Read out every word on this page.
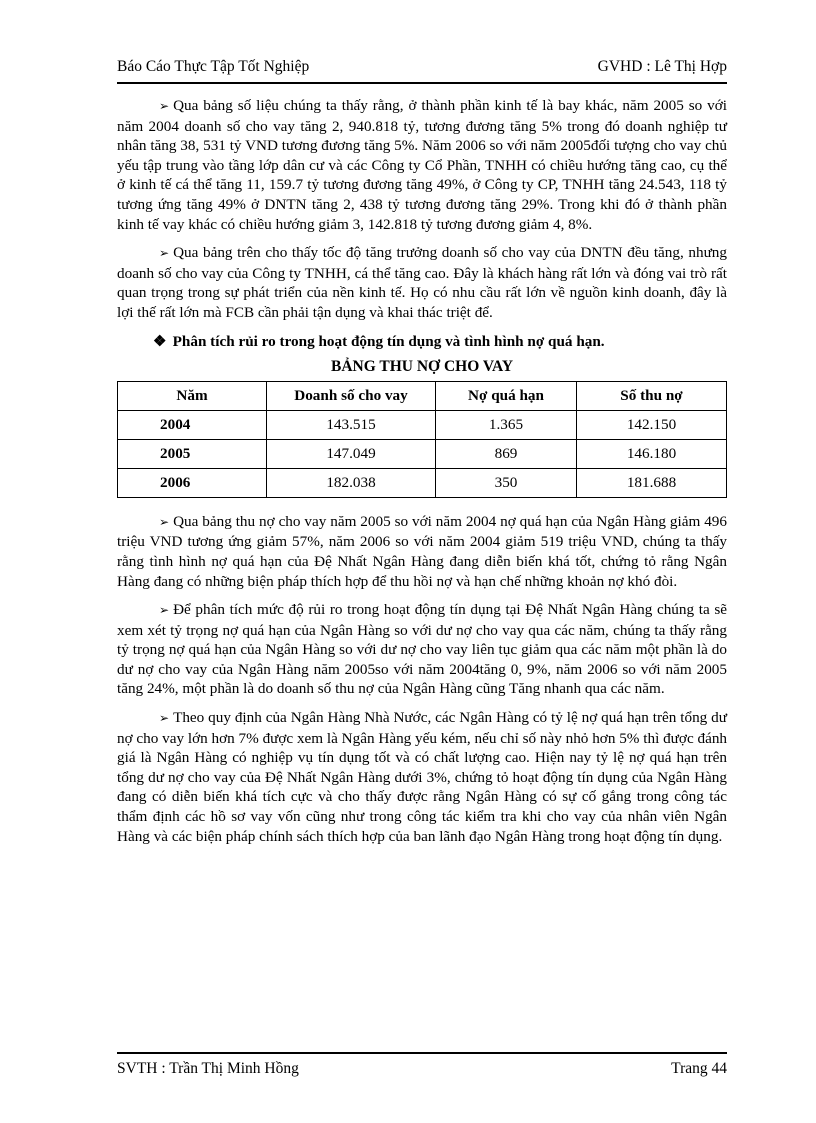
Báo Cáo Thực Tập Tốt Nghiệp	GVHD : Lê Thị Hợp

➢ Qua bảng số liệu chúng ta thấy rằng, ở thành phần kinh tế là bay khác, năm 2005 so với năm 2004 doanh số cho vay tăng 2, 940.818 tỷ, tương đương tăng 5% trong đó doanh nghiệp tư nhân tăng 38, 531 tỷ VND tương đương tăng 5%. Năm 2006 so với năm 2005đối tượng cho vay chủ yếu tập trung vào tầng lớp dân cư và các Công ty Cổ Phần, TNHH có chiều hướng tăng cao, cụ thể ở kinh tế cá thể tăng 11, 159.7 tỷ tương đương tăng 49%, ở Công ty CP, TNHH tăng 24.543, 118 tỷ tương ứng tăng 49% ở DNTN tăng 2, 438 tỷ tương đương tăng 29%. Trong khi đó ở thành phần kinh tế vay khác có chiều hướng giảm 3, 142.818 tỷ tương đương giảm 4, 8%.

➢ Qua bảng trên cho thấy tốc độ tăng trưởng doanh số cho vay của DNTN đều tăng, nhưng doanh số cho vay của Công ty TNHH, cá thể tăng cao. Đây là khách hàng rất lớn và đóng vai trò rất quan trọng trong sự phát triển của nền kinh tế. Họ có nhu cầu rất lớn về nguồn kinh doanh, đây là lợi thế rất lớn mà FCB cần phải tận dụng và khai thác triệt để.

❖ Phân tích rủi ro trong hoạt động tín dụng và tình hình nợ quá hạn.
BẢNG THU NỢ CHO VAY
Năm	Doanh số cho vay	Nợ quá hạn	Số thu nợ
2004	143.515	1.365	142.150
2005	147.049	869	146.180
2006	182.038	350	181.688

➢ Qua bảng thu nợ cho vay năm 2005 so với năm 2004 nợ quá hạn của Ngân Hàng giảm 496 triệu VND tương ứng giảm 57%, năm 2006 so với năm 2004 giảm 519 triệu VND, chúng ta thấy rằng tình hình nợ quá hạn của Đệ Nhất Ngân Hàng đang diễn biến khá tốt, chứng tỏ rằng Ngân Hàng đang có những biện pháp thích hợp để thu hồi nợ và hạn chế những khoản nợ khó đòi.

➢ Để phân tích mức độ rủi ro trong hoạt động tín dụng tại Đệ Nhất Ngân Hàng chúng ta sẽ xem xét tỷ trọng nợ quá hạn của Ngân Hàng so với dư nợ cho vay qua các năm, chúng ta thấy rằng tỷ trọng nợ quá hạn của Ngân Hàng so với dư nợ cho vay liên tục giảm qua các năm một phần là do dư nợ cho vay của Ngân Hàng năm 2005so với năm 2004tăng 0, 9%, năm 2006 so với năm 2005 tăng 24%, một phần là do doanh số thu nợ của Ngân Hàng cũng Tăng nhanh qua các năm.

➢ Theo quy định của Ngân Hàng Nhà Nước, các Ngân Hàng có tỷ lệ nợ quá hạn trên tổng dư nợ cho vay lớn hơn 7% được xem là Ngân Hàng yếu kém, nếu chỉ số này nhỏ hơn 5% thì được đánh giá là Ngân Hàng có nghiệp vụ tín dụng tốt và có chất lượng cao. Hiện nay tỷ lệ nợ quá hạn trên tổng dư nợ cho vay của Đệ Nhất Ngân Hàng dưới 3%, chứng tỏ hoạt động tín dụng của Ngân Hàng đang có diễn biến khá tích cực và cho thấy được rằng Ngân Hàng có sự cố gắng trong công tác thẩm định các hồ sơ vay vốn cũng như trong công tác kiểm tra khi cho vay của nhân viên Ngân Hàng và các biện pháp chính sách thích hợp của ban lãnh đạo Ngân Hàng trong hoạt động tín dụng.

SVTH : Trần Thị Minh Hồng	Trang 44
